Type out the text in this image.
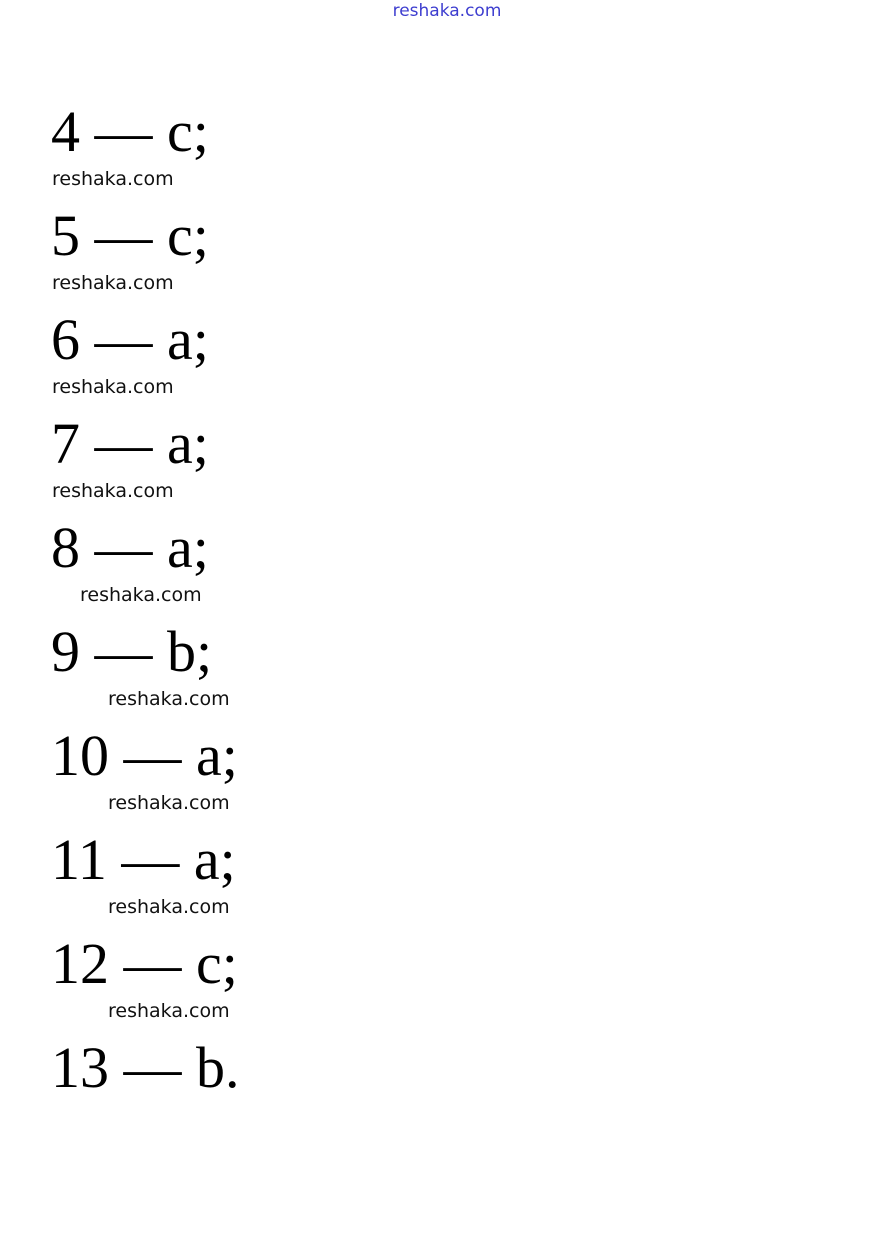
reshaka.com

4 — c;

5 — c;

6 — a;

7 — a;

8 — a;

9 — b;

10 — a;

11 — a;

12 — c;

13 — b.

reshaka.com

reshaka.com

reshaka.com

reshaka.com

reshaka.com

reshaka.com

reshaka.com

reshaka.com

reshaka.com
